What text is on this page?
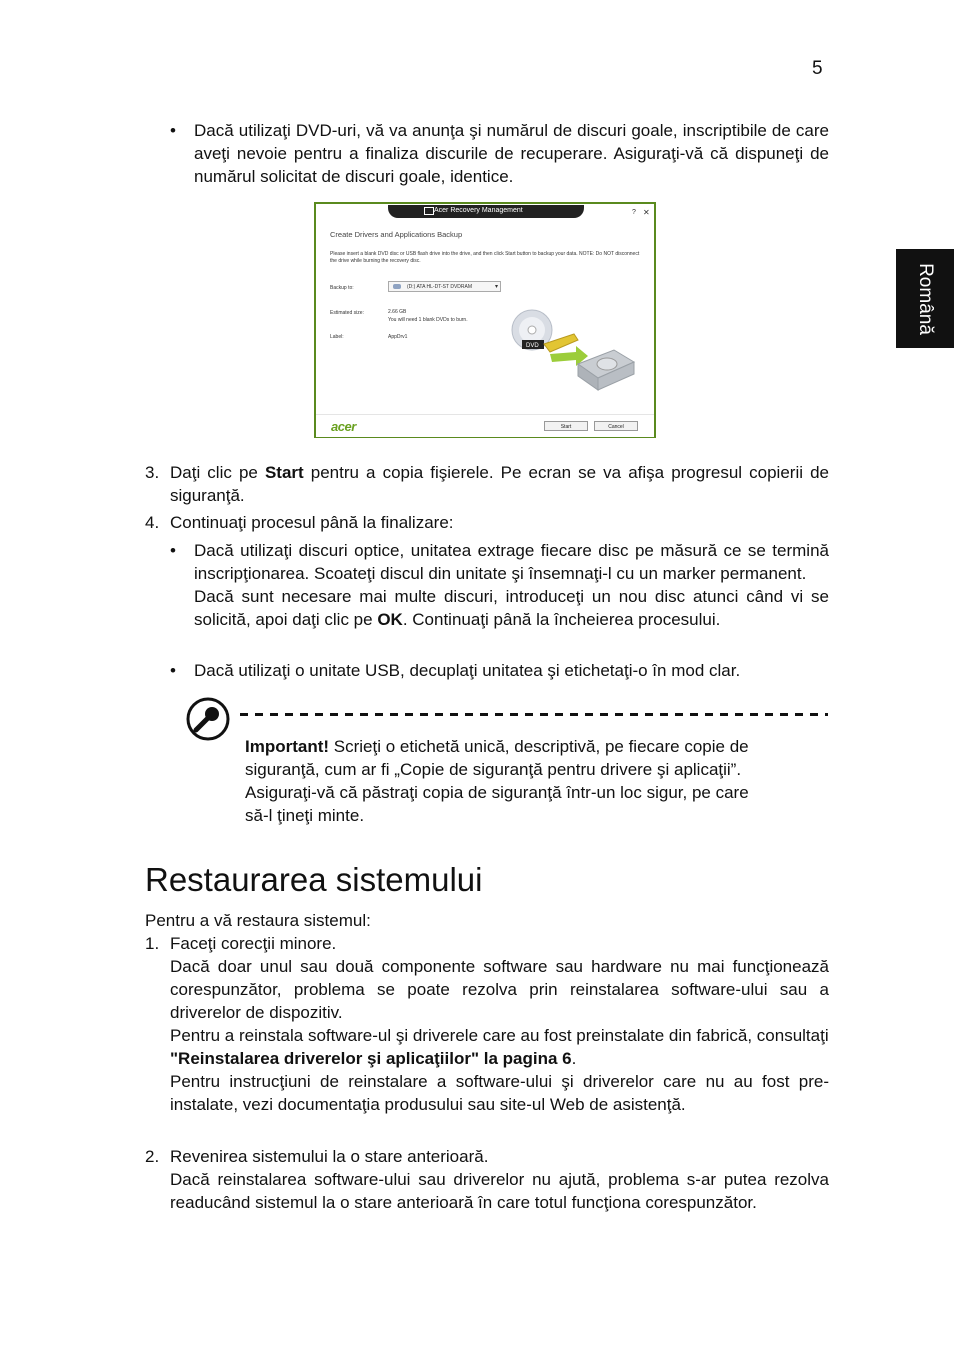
5
Română
• Dacă utilizaţi DVD-uri, vă va anunţa şi numărul de discuri goale, inscriptibile de care aveţi nevoie pentru a finaliza discurile de recuperare. Asiguraţi-vă că dispuneţi de numărul solicitat de discuri goale, identice.
Acer Recovery Management	? ✕
Create Drivers and Applications Backup
Please insert a blank DVD disc or USB flash drive into the drive, and then click Start button to backup your data. NOTE: Do NOT disconnect the drive while burning the recovery disc.
Backup to:	(D:) ATA HL-DT-ST DVDRAM	▾
Estimated size:	2.66 GB
You will need 1 blank DVDs to burn.
Label:	AppDrv1
DVD
acer	Start	Cancel
3. Daţi clic pe Start pentru a copia fişierele. Pe ecran se va afişa progresul copierii de siguranţă.
4. Continuaţi procesul până la finalizare:
• Dacă utilizaţi discuri optice, unitatea extrage fiecare disc pe măsură ce se termină inscripţionarea. Scoateţi discul din unitate şi însemnaţi-l cu un marker permanent.
Dacă sunt necesare mai multe discuri, introduceţi un nou disc atunci când vi se solicită, apoi daţi clic pe OK. Continuaţi până la încheierea procesului.
• Dacă utilizaţi o unitate USB, decuplaţi unitatea şi etichetaţi-o în mod clar.
Important! Scrieţi o etichetă unică, descriptivă, pe fiecare copie de
siguranţă, cum ar fi „Copie de siguranţă pentru drivere şi aplicaţii”.
Asiguraţi-vă că păstraţi copia de siguranţă într-un loc sigur, pe care
să-l ţineţi minte.
Restaurarea sistemului
Pentru a vă restaura sistemul:
1. Faceţi corecţii minore.
Dacă doar unul sau două componente software sau hardware nu mai funcţionează corespunzător, problema se poate rezolva prin reinstalarea software-ului sau a driverelor de dispozitiv.
Pentru a reinstala software-ul şi driverele care au fost preinstalate din fabrică, consultaţi
"Reinstalarea driverelor şi aplicaţiilor" la pagina 6.
Pentru instrucţiuni de reinstalare a software-ului şi driverelor care nu au fost pre-instalate, vezi documentaţia produsului sau site-ul Web de asistenţă.
2. Revenirea sistemului la o stare anterioară.
Dacă reinstalarea software-ului sau driverelor nu ajută, problema s-ar putea rezolva readucând sistemul la o stare anterioară în care totul funcţiona corespunzător.
